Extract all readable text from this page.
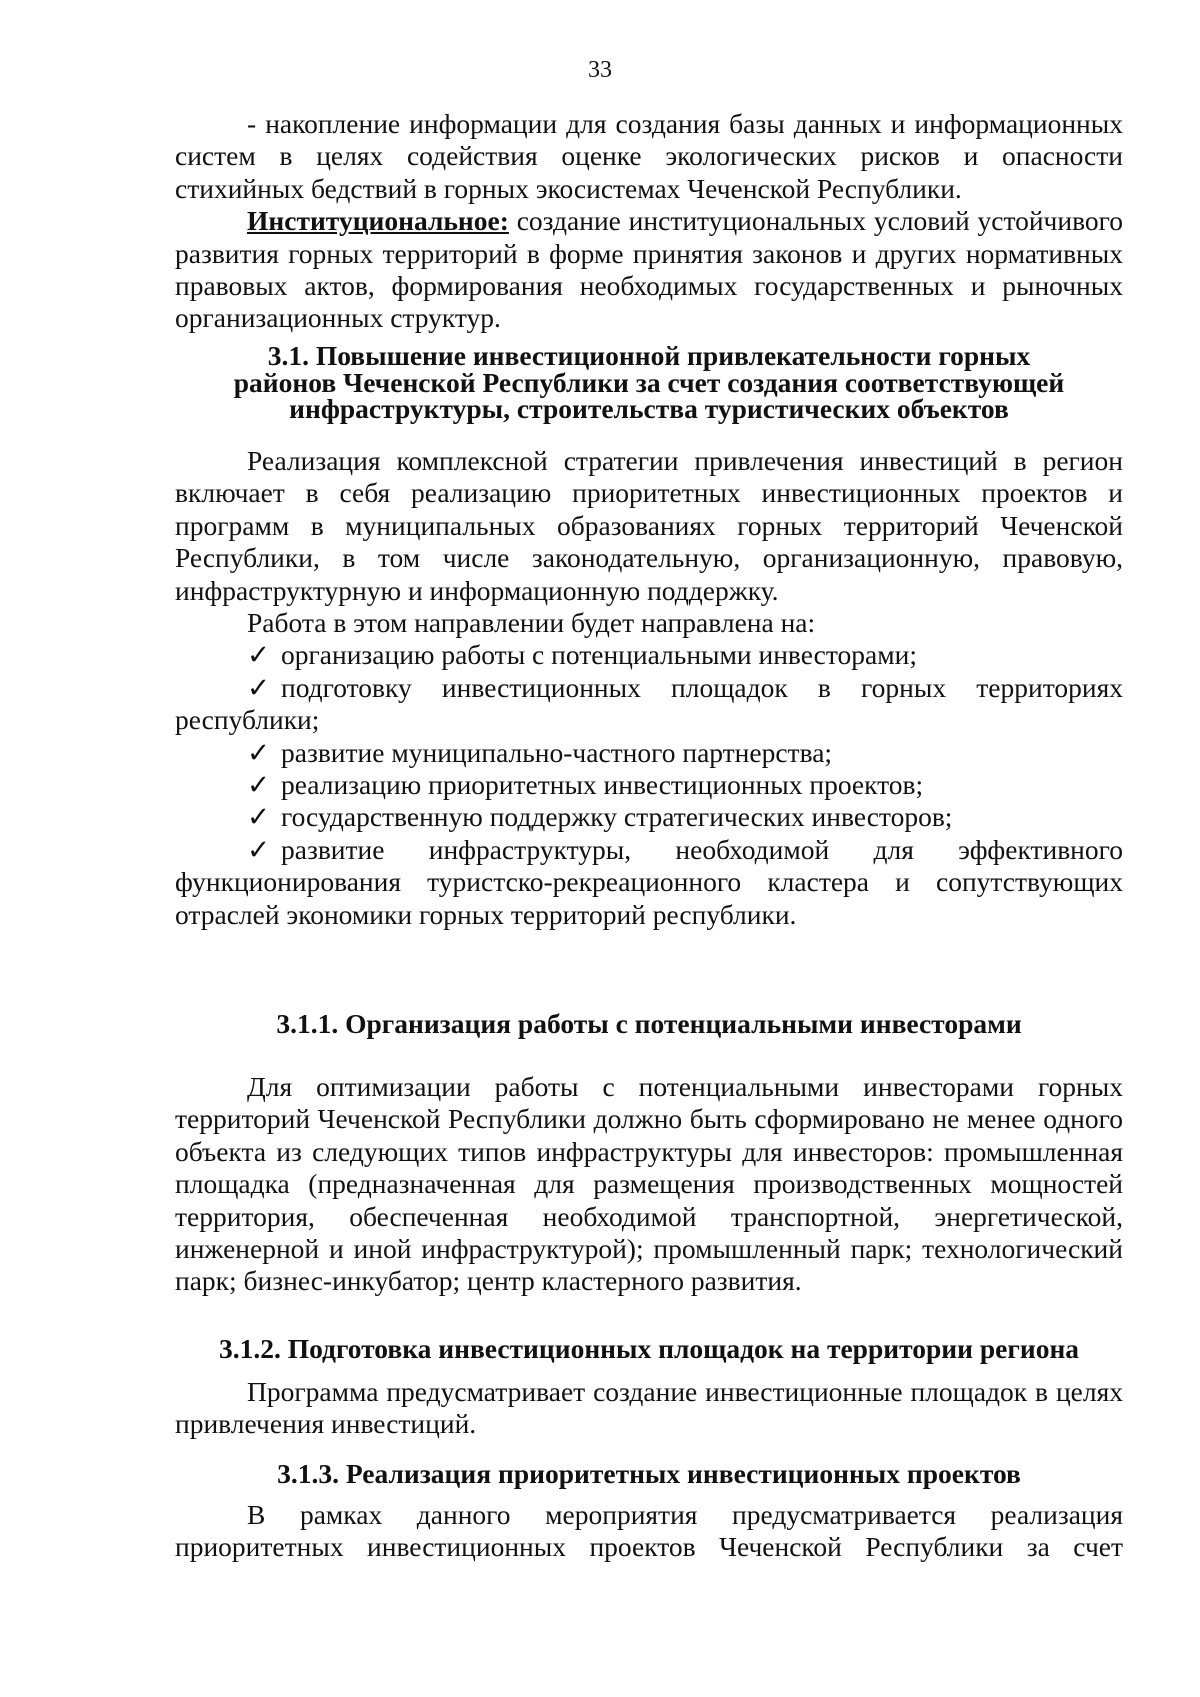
33

- накопление информации для создания базы данных и информационных систем в целях содействия оценке экологических рисков и опасности стихийных бедствий в горных экосистемах Чеченской Республики.

Институциональное: создание институциональных условий устойчивого развития горных территорий в форме принятия законов и других нормативных правовых актов, формирования необходимых государственных и рыночных организационных структур.

3.1. Повышение инвестиционной привлекательности горных
районов Чеченской Республики за счет создания соответствующей
инфраструктуры, строительства туристических объектов

Реализация комплексной стратегии привлечения инвестиций в регион включает в себя реализацию приоритетных инвестиционных проектов и программ в муниципальных образованиях горных территорий Чеченской Республики, в том числе законодательную, организационную, правовую, инфраструктурную и информационную поддержку.

Работа в этом направлении будет направлена на:

✓ организацию работы с потенциальными инвесторами;

✓ подготовку инвестиционных площадок в горных территориях республики;

✓ развитие муниципально-частного партнерства;

✓ реализацию приоритетных инвестиционных проектов;

✓ государственную поддержку стратегических инвесторов;

✓ развитие инфраструктуры, необходимой для эффективного функционирования туристско-рекреационного кластера и сопутствующих отраслей экономики горных территорий республики.

3.1.1. Организация работы с потенциальными инвесторами

Для оптимизации работы с потенциальными инвесторами горных территорий Чеченской Республики должно быть сформировано не менее одного объекта из следующих типов инфраструктуры для инвесторов: промышленная площадка (предназначенная для размещения производственных мощностей территория, обеспеченная необходимой транспортной, энергетической, инженерной и иной инфраструктурой); промышленный парк; технологический парк; бизнес-инкубатор; центр кластерного развития.

3.1.2. Подготовка инвестиционных площадок на территории региона

Программа предусматривает создание инвестиционные площадок в целях привлечения инвестиций.

3.1.3. Реализация приоритетных инвестиционных проектов

В рамках данного мероприятия предусматривается реализация приоритетных инвестиционных проектов Чеченской Республики за счет
